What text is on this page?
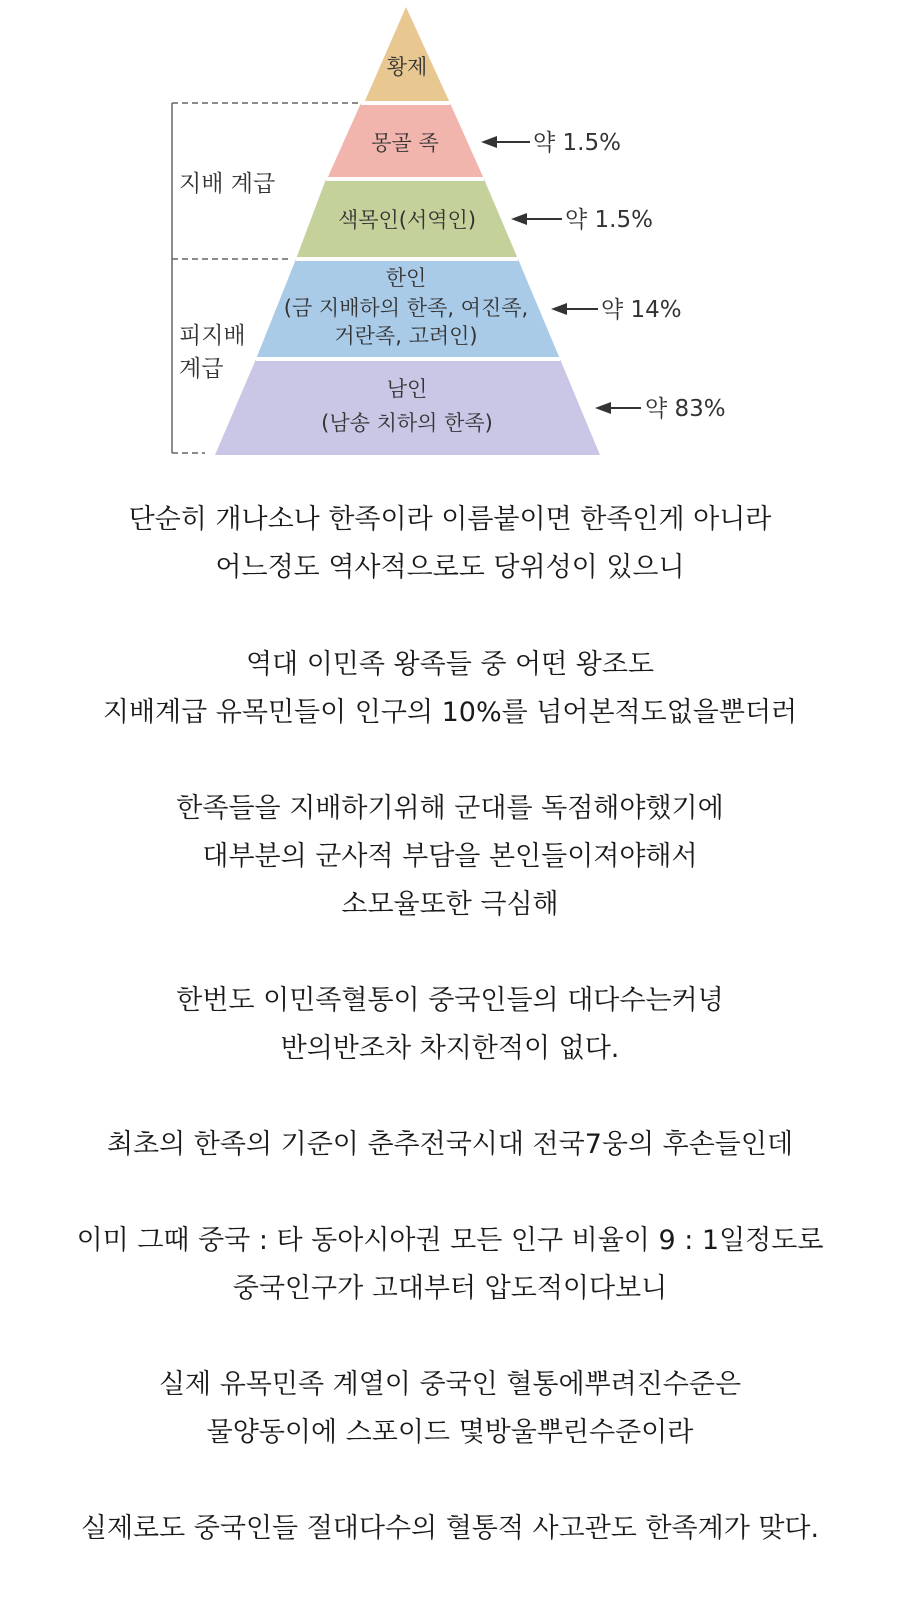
황제
몽골 족
색목인(서역인)
한인
(금 지배하의 한족, 여진족,
거란족, 고려인)
남인
(남송 치하의 한족)
지배 계급
피지배
계급
약 1.5%
약 1.5%
약 14%
약 83%
단순히 개나소나 한족이라 이름붙이면 한족인게 아니라
어느정도 역사적으로도 당위성이 있으니
역대 이민족 왕족들 중 어떤 왕조도
지배계급 유목민들이 인구의 10%를 넘어본적도없을뿐더러
한족들을 지배하기위해 군대를 독점해야했기에
대부분의 군사적 부담을 본인들이져야해서
소모율또한 극심해
한번도 이민족혈통이 중국인들의 대다수는커녕
반의반조차 차지한적이 없다.
최초의 한족의 기준이 춘추전국시대 전국7웅의 후손들인데
이미 그때 중국 : 타 동아시아권 모든 인구 비율이 9 : 1일정도로
중국인구가 고대부터 압도적이다보니
실제 유목민족 계열이 중국인 혈통에뿌려진수준은
물양동이에 스포이드 몇방울뿌린수준이라
실제로도 중국인들 절대다수의 혈통적 사고관도 한족계가 맞다.
